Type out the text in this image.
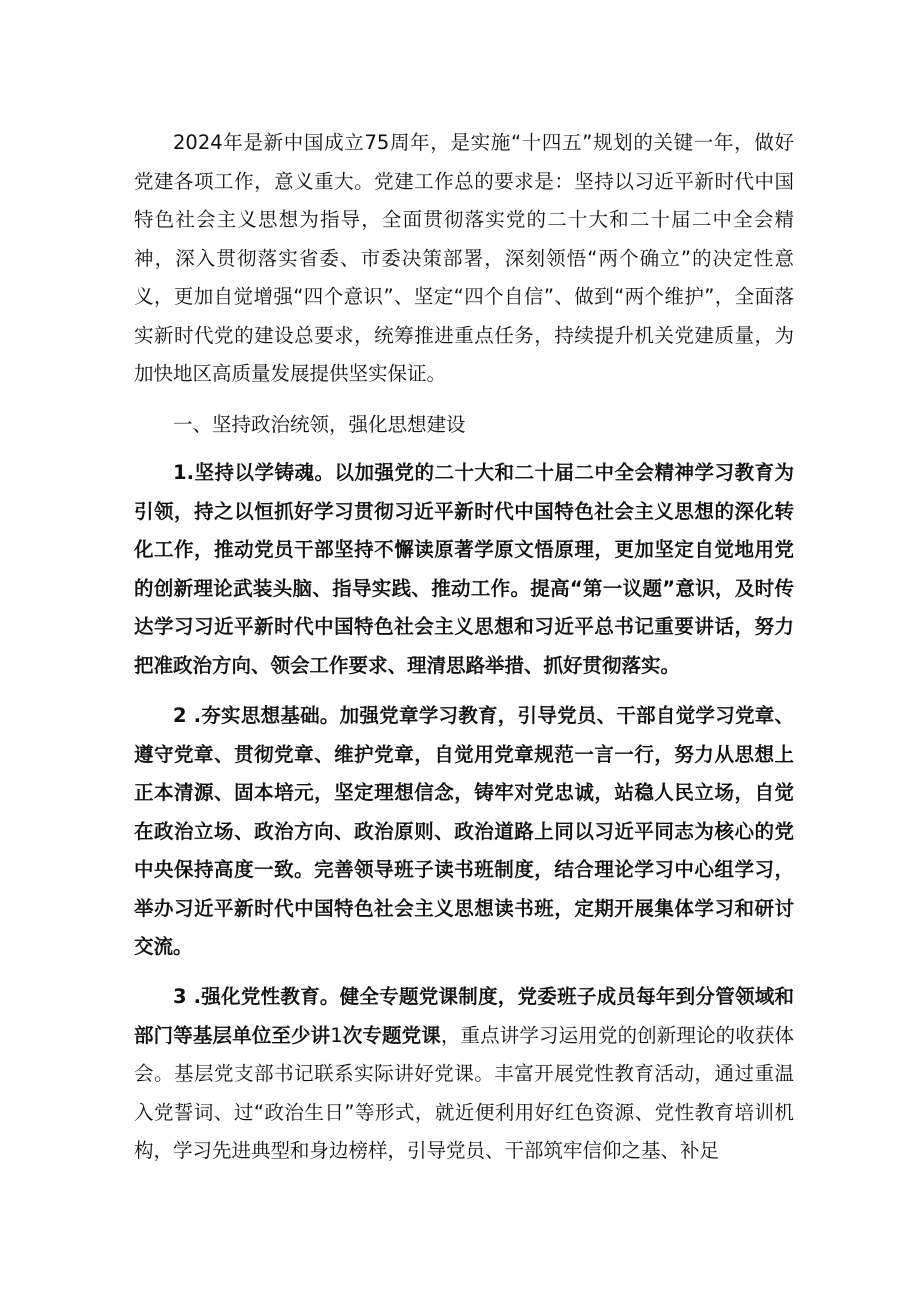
2024年是新中国成立75周年，是实施“十四五”规划的关键一年，做好党建各项工作，意义重大。党建工作总的要求是：坚持以习近平新时代中国特色社会主义思想为指导，全面贯彻落实党的二十大和二十届二中全会精神，深入贯彻落实省委、市委决策部署，深刻领悟“两个确立”的决定性意义，更加自觉增强“四个意识”、坚定“四个自信”、做到“两个维护”，全面落实新时代党的建设总要求，统筹推进重点任务，持续提升机关党建质量，为加快地区高质量发展提供坚实保证。

一、坚持政治统领，强化思想建设

1.坚持以学铸魂。以加强党的二十大和二十届二中全会精神学习教育为引领，持之以恒抓好学习贯彻习近平新时代中国特色社会主义思想的深化转化工作，推动党员干部坚持不懈读原著学原文悟原理，更加坚定自觉地用党的创新理论武装头脑、指导实践、推动工作。提高“第一议题”意识，及时传达学习习近平新时代中国特色社会主义思想和习近平总书记重要讲话，努力把准政治方向、领会工作要求、理清思路举措、抓好贯彻落实。

2 .夯实思想基础。加强党章学习教育，引导党员、干部自觉学习党章、遵守党章、贯彻党章、维护党章，自觉用党章规范一言一行，努力从思想上正本清源、固本培元，坚定理想信念，铸牢对党忠诚，站稳人民立场，自觉在政治立场、政治方向、政治原则、政治道路上同以习近平同志为核心的党中央保持高度一致。完善领导班子读书班制度，结合理论学习中心组学习，举办习近平新时代中国特色社会主义思想读书班，定期开展集体学习和研讨交流。

3 .强化党性教育。健全专题党课制度，党委班子成员每年到分管领域和部门等基层单位至少讲1次专题党课，重点讲学习运用党的创新理论的收获体会。基层党支部书记联系实际讲好党课。丰富开展党性教育活动，通过重温入党誓词、过“政治生日”等形式，就近便利用好红色资源、党性教育培训机构，学习先进典型和身边榜样，引导党员、干部筑牢信仰之基、补足
